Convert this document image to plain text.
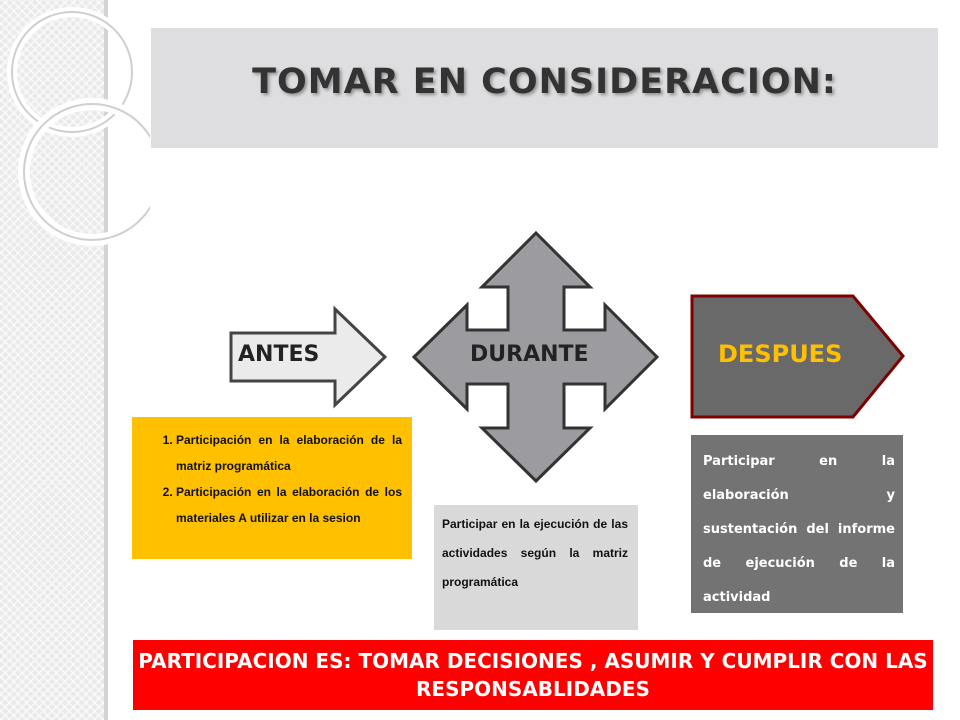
TOMAR EN CONSIDERACION:
ANTES	DURANTE	DESPUES
1. Participación en la elaboración de la matriz programática
2. Participación en la elaboración de los materiales A utilizar en la sesion	Participar en la ejecución de las actividades según la matriz programática
Participar en la elaboración y sustentación del informe de ejecución de la actividad
PARTICIPACION ES: TOMAR DECISIONES , ASUMIR Y CUMPLIR CON LAS RESPONSABLIDADES
